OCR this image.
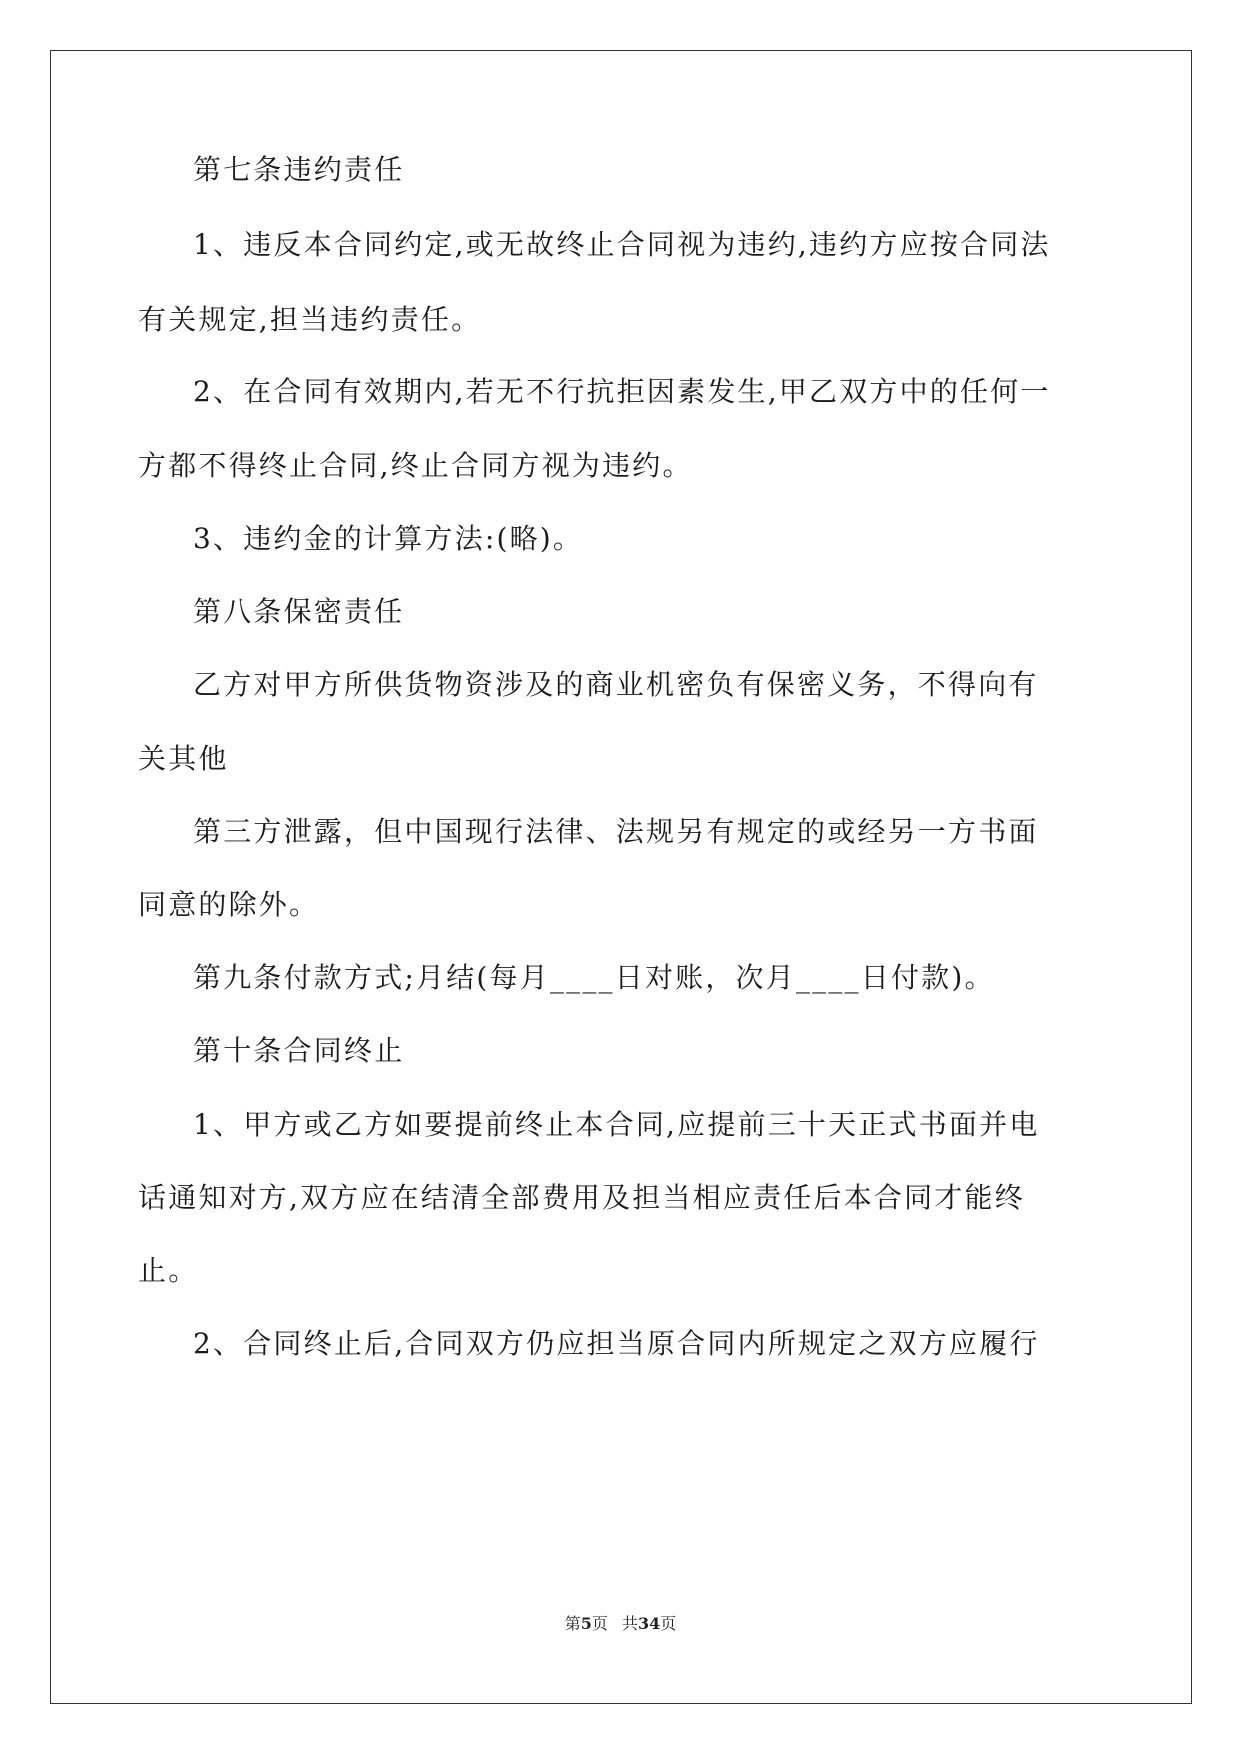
第七条违约责任
1、违反本合同约定,或无故终止合同视为违约,违约方应按合同法
有关规定,担当违约责任。
2、在合同有效期内,若无不行抗拒因素发生,甲乙双方中的任何一
方都不得终止合同,终止合同方视为违约。
3、违约金的计算方法:(略)。
第八条保密责任
乙方对甲方所供货物资涉及的商业机密负有保密义务，不得向有
关其他
第三方泄露，但中国现行法律、法规另有规定的或经另一方书面
同意的除外。
第九条付款方式;月结(每月____日对账，次月____日付款)。
第十条合同终止
1、甲方或乙方如要提前终止本合同,应提前三十天正式书面并电
话通知对方,双方应在结清全部费用及担当相应责任后本合同才能终
止。
2、合同终止后,合同双方仍应担当原合同内所规定之双方应履行
第5页 共34页
